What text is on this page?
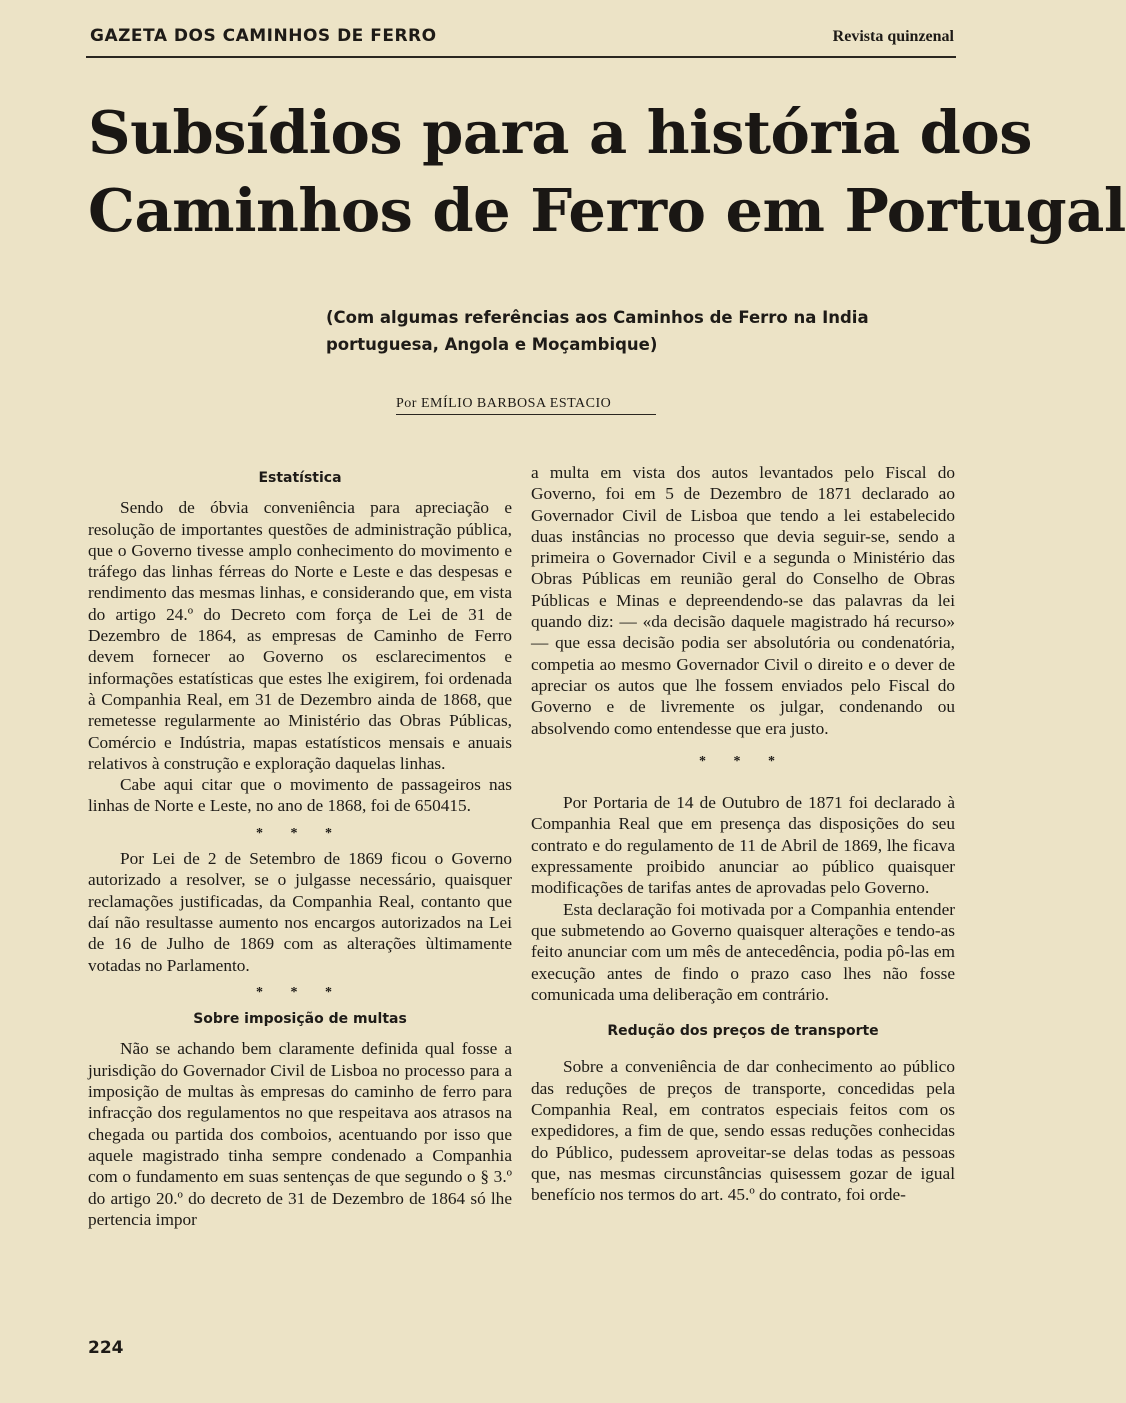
GAZETA DOS CAMINHOS DE FERRO	Revista quinzenal
Subsídios para a história dos
Caminhos de Ferro em Portugal
(Com algumas referências aos Caminhos de Ferro na India portuguesa, Angola e Moçambique)
Por EMÍLIO BARBOSA ESTACIO
Estatística

Sendo de óbvia conveniência para apreciação e resolução de importantes questões de administração pública, que o Governo tivesse amplo conhecimento do movimento e tráfego das linhas férreas do Norte e Leste e das despesas e rendimento das mesmas linhas, e considerando que, em vista do artigo 24.º do Decreto com força de Lei de 31 de Dezembro de 1864, as empresas de Caminho de Ferro devem fornecer ao Governo os esclarecimentos e informações estatísticas que estes lhe exigirem, foi ordenada à Companhia Real, em 31 de Dezembro ainda de 1868, que remetesse regularmente ao Ministério das Obras Públicas, Comércio e Indústria, mapas estatísticos mensais e anuais relativos à construção e exploração daquelas linhas.

Cabe aqui citar que o movimento de passageiros nas linhas de Norte e Leste, no ano de 1868, foi de 650415.

* * *

Por Lei de 2 de Setembro de 1869 ficou o Governo autorizado a resolver, se o julgasse necessário, quaisquer reclamações justificadas, da Companhia Real, contanto que daí não resultasse aumento nos encargos autorizados na Lei de 16 de Julho de 1869 com as alterações ùltimamente votadas no Parlamento.

* * *
Sobre imposição de multas

Não se achando bem claramente definida qual fosse a jurisdição do Governador Civil de Lisboa no processo para a imposição de multas às empresas do caminho de ferro para infracção dos regulamentos no que respeitava aos atrasos na chegada ou partida dos comboios, acentuando por isso que aquele magistrado tinha sempre condenado a Companhia com o fundamento em suas sentenças de que segundo o § 3.º do artigo 20.º do decreto de 31 de Dezembro de 1864 só lhe pertencia impor

a multa em vista dos autos levantados pelo Fiscal do Governo, foi em 5 de Dezembro de 1871 declarado ao Governador Civil de Lisboa que tendo a lei estabelecido duas instâncias no processo que devia seguir-se, sendo a primeira o Governador Civil e a segunda o Ministério das Obras Públicas em reunião geral do Conselho de Obras Públicas e Minas e depreendendo-se das palavras da lei quando diz: — «da decisão daquele magistrado há recurso» — que essa decisão podia ser absolutória ou condenatória, competia ao mesmo Governador Civil o direito e o dever de apreciar os autos que lhe fossem enviados pelo Fiscal do Governo e de livremente os julgar, condenando ou absolvendo como entendesse que era justo.

* * *

Por Portaria de 14 de Outubro de 1871 foi declarado à Companhia Real que em presença das disposições do seu contrato e do regulamento de 11 de Abril de 1869, lhe ficava expressamente proibido anunciar ao público quaisquer modificações de tarifas antes de aprovadas pelo Governo.

Esta declaração foi motivada por a Companhia entender que submetendo ao Governo quaisquer alterações e tendo-as feito anunciar com um mês de antecedência, podia pô-las em execução antes de findo o prazo caso lhes não fosse comunicada uma deliberação em contrário.

Redução dos preços de transporte

Sobre a conveniência de dar conhecimento ao público das reduções de preços de transporte, concedidas pela Companhia Real, em contratos especiais feitos com os expedidores, a fim de que, sendo essas reduções conhecidas do Público, pudessem aproveitar-se delas todas as pessoas que, nas mesmas circunstâncias quisessem gozar de igual benefício nos termos do art. 45.º do contrato, foi orde-

224
